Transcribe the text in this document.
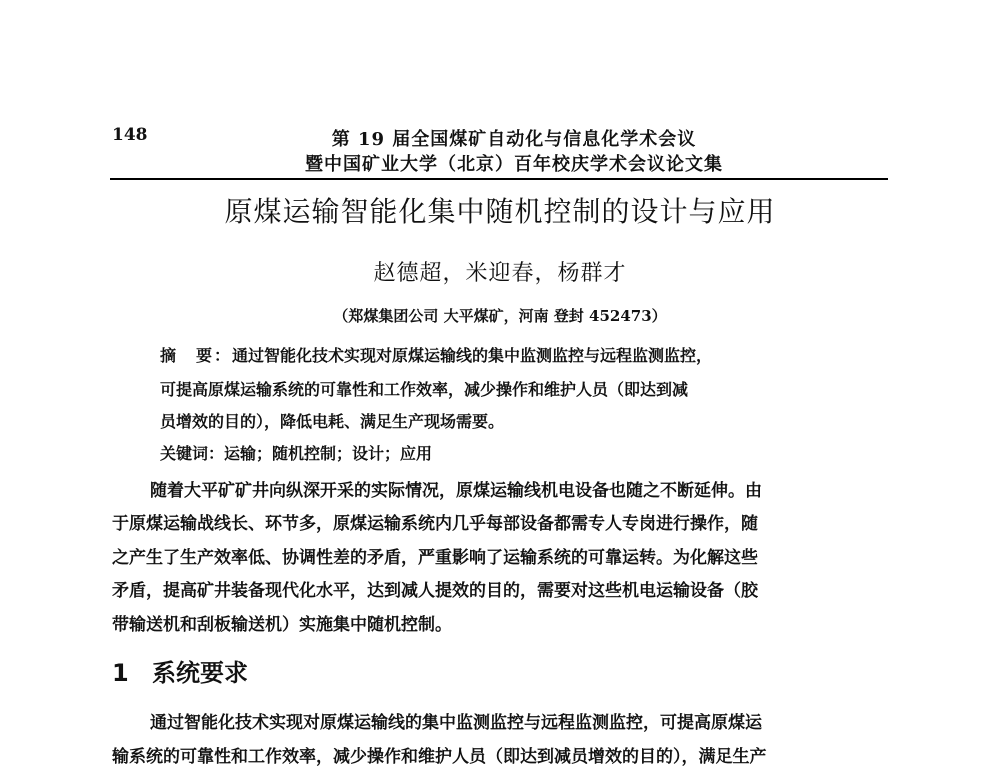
148	第 19 届全国煤矿自动化与信息化学术会议
暨中国矿业大学（北京）百年校庆学术会议论文集
原煤运输智能化集中随机控制的设计与应用
赵德超，米迎春，杨群才
（郑煤集团公司 大平煤矿，河南 登封 452473）
摘　要：通过智能化技术实现对原煤运输线的集中监测监控与远程监测监控，
可提高原煤运输系统的可靠性和工作效率，减少操作和维护人员（即达到减
员增效的目的），降低电耗、满足生产现场需要。
关键词：运输；随机控制；设计；应用
随着大平矿矿井向纵深开采的实际情况，原煤运输线机电设备也随之不断延伸。由
于原煤运输战线长、环节多，原煤运输系统内几乎每部设备都需专人专岗进行操作，随
之产生了生产效率低、协调性差的矛盾，严重影响了运输系统的可靠运转。为化解这些
矛盾，提高矿井装备现代化水平，达到减人提效的目的，需要对这些机电运输设备（胶
带输送机和刮板输送机）实施集中随机控制。
1 系统要求
通过智能化技术实现对原煤运输线的集中监测监控与远程监测监控，可提高原煤运
输系统的可靠性和工作效率，减少操作和维护人员（即达到减员增效的目的），满足生产
